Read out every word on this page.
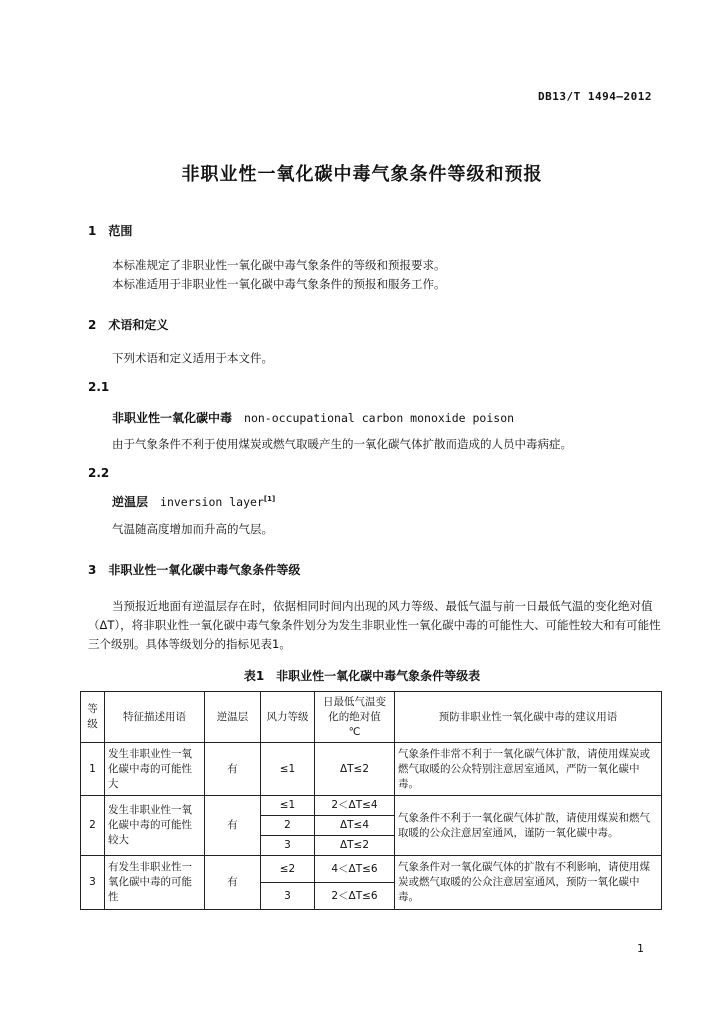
DB13/T 1494—2012
非职业性一氧化碳中毒气象条件等级和预报
1　范围
本标准规定了非职业性一氧化碳中毒气象条件的等级和预报要求。
本标准适用于非职业性一氧化碳中毒气象条件的预报和服务工作。
2　术语和定义
下列术语和定义适用于本文件。
2.1
非职业性一氧化碳中毒 non-occupational carbon monoxide poison
由于气象条件不利于使用煤炭或燃气取暖产生的一氧化碳气体扩散而造成的人员中毒病症。
2.2
逆温层 inversion layer[1]
气温随高度增加而升高的气层。
3　非职业性一氧化碳中毒气象条件等级
当预报近地面有逆温层存在时，依据相同时间内出现的风力等级、最低气温与前一日最低气温的变化绝对值（ΔT），将非职业性一氧化碳中毒气象条件划分为发生非职业性一氧化碳中毒的可能性大、可能性较大和有可能性三个级别。具体等级划分的指标见表1。
表1　非职业性一氧化碳中毒气象条件等级表
等级	特征描述用语	逆温层	风力等级	日最低气温变
化的绝对值
℃	预防非职业性一氧化碳中毒的建议用语
1	发生非职业性一氧化碳中毒的可能性大	有	≤1	ΔT≤2	气象条件非常不利于一氧化碳气体扩散，请使用煤炭或燃气取暖的公众特别注意居室通风，严防一氧化碳中毒。
2	发生非职业性一氧化碳中毒的可能性较大	有	≤1	2＜ΔT≤4	气象条件不利于一氧化碳气体扩散，请使用煤炭和燃气取暖的公众注意居室通风，谨防一氧化碳中毒。
			2	ΔT≤4	
			3	ΔT≤2	
3	有发生非职业性一氧化碳中毒的可能性	有	≤2	4＜ΔT≤6	气象条件对一氧化碳气体的扩散有不利影响，请使用煤炭或燃气取暖的公众注意居室通风，预防一氧化碳中毒。
			3	2＜ΔT≤6	
1
